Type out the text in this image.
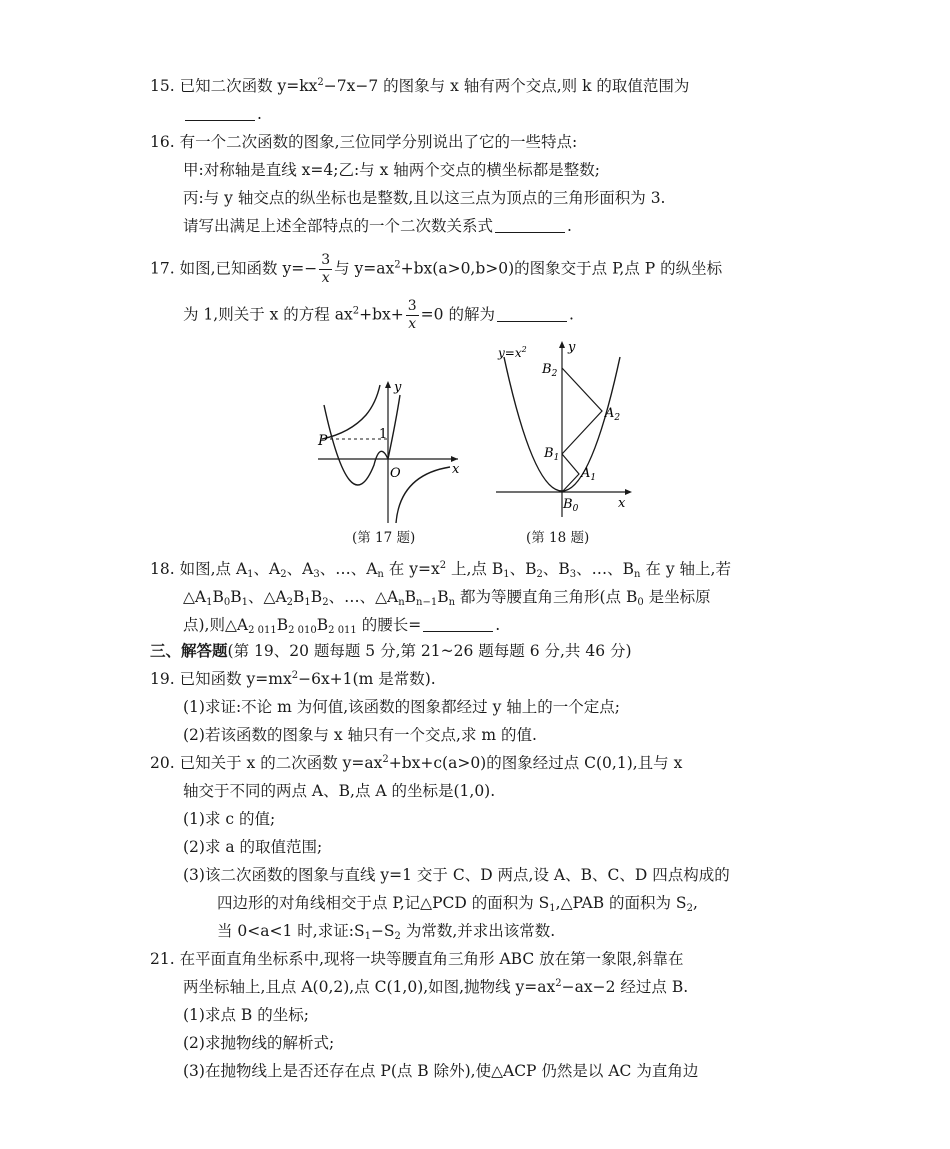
15. 已知二次函数 $y=kx^2-7x-7$ 的图象与 x 轴有两个交点,则 k 的取值范围为
.
16. 有一个二次函数的图象,三位同学分别说出了它的一些特点:
甲:对称轴是直线 x=4;乙:与 x 轴两个交点的横坐标都是整数;
丙:与 y 轴交点的纵坐标也是整数,且以这三点为顶点的三角形面积为 3.
请写出满足上述全部特点的一个二次数关系式	.
17. 如图,已知函数 $y=- \frac{3}{x}$ 与 $y=ax^2+bx(a>0,b>0)$的图象交于点 P,点 P 的纵坐标
为 1,则关于 x 的方程 $ax^2+bx+ \frac{3}{x} =0$ 的解为	.
P	1
O	x
y
(第 17 题)
$y=x^2$	y
x
$B_2$
$A_2$
$B_1$
$A_1$
$B_0$
(第 18 题)
18. 如图,点 $A_1$、$A_2$、$A_3$、…、$A_n$ 在 $y=x^2$ 上,点 $B_1$、$B_2$、$B_3$、…、$B_n$ 在 y 轴上,若
$\triangle A_1B_0B_1$、$\triangle A_2B_1B_2$、…、$\triangle A_nB_{n-1}B_n$ 都为等腰直角三角形(点 $B_0$ 是坐标原
点),则$\triangle A_{2 011}B_{2 010}B_{2 011}$ 的腰长=	.
三、解答题(第 19、20 题每题 5 分,第 21~26 题每题 6 分,共 46 分)
19. 已知函数 $y=mx^2-6x+1(m$ 是常数).
(1)求证:不论 m 为何值,该函数的图象都经过 y 轴上的一个定点;
(2)若该函数的图象与 x 轴只有一个交点,求 m 的值.
20. 已知关于 x 的二次函数 $y=ax^2+bx+c(a>0)$的图象经过点 C(0,1),且与 x
轴交于不同的两点 A、B,点 A 的坐标是(1,0).
(1)求 c 的值;
(2)求 a 的取值范围;
(3)该二次函数的图象与直线 y=1 交于 C、D 两点,设 A、B、C、D 四点构成的
四边形的对角线相交于点 P,记△PCD 的面积为 $S_1,\triangle PAB$ 的面积为 $S_2$,
当 0<a<1 时,求证$:S_1-S_2$ 为常数,并求出该常数.
21. 在平面直角坐标系中,现将一块等腰直角三角形 ABC 放在第一象限,斜靠在
两坐标轴上,且点 A(0,2),点 C(1,0),如图,抛物线 $y=ax^2-ax-2$ 经过点 B.
(1)求点 B 的坐标;
(2)求抛物线的解析式;
(3)在抛物线上是否还存在点 P(点 B 除外),使△ACP 仍然是以 AC 为直角边
